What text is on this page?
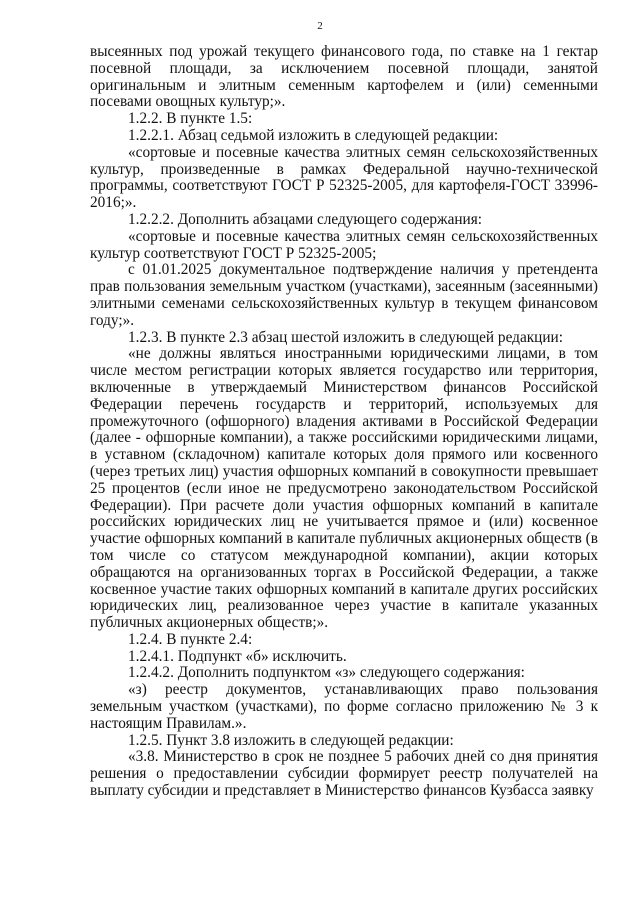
2

высеянных под урожай текущего финансового года, по ставке на 1 гектар посевной площади, за исключением посевной площади, занятой оригинальным и элитным семенным картофелем и (или) семенными посевами овощных культур;».

1.2.2. В пункте 1.5:

1.2.2.1. Абзац седьмой изложить в следующей редакции:

«сортовые и посевные качества элитных семян сельскохозяйственных культур, произведенные в рамках Федеральной научно-технической программы, соответствуют ГОСТ Р 52325-2005, для картофеля-ГОСТ 33996-2016;».

1.2.2.2. Дополнить абзацами следующего содержания:

«сортовые и посевные качества элитных семян сельскохозяйственных культур соответствуют ГОСТ Р 52325-2005;

с 01.01.2025 документальное подтверждение наличия у претендента прав пользования земельным участком (участками), засеянным (засеянными) элитными семенами сельскохозяйственных культур в текущем финансовом году;».

1.2.3. В пункте 2.3 абзац шестой изложить в следующей редакции:

«не должны являться иностранными юридическими лицами, в том числе местом регистрации которых является государство или территория, включенные в утверждаемый Министерством финансов Российской Федерации перечень государств и территорий, используемых для промежуточного (офшорного) владения активами в Российской Федерации (далее - офшорные компании), а также российскими юридическими лицами, в уставном (складочном) капитале которых доля прямого или косвенного (через третьих лиц) участия офшорных компаний в совокупности превышает 25 процентов (если иное не предусмотрено законодательством Российской Федерации). При расчете доли участия офшорных компаний в капитале российских юридических лиц не учитывается прямое и (или) косвенное участие офшорных компаний в капитале публичных акционерных обществ (в том числе со статусом международной компании), акции которых обращаются на организованных торгах в Российской Федерации, а также косвенное участие таких офшорных компаний в капитале других российских юридических лиц, реализованное через участие в капитале указанных публичных акционерных обществ;».

1.2.4. В пункте 2.4:

1.2.4.1. Подпункт «б» исключить.

1.2.4.2. Дополнить подпунктом «з» следующего содержания:

«з) реестр документов, устанавливающих право пользования земельным участком (участками), по форме согласно приложению № 3 к настоящим Правилам.».

1.2.5. Пункт 3.8 изложить в следующей редакции:

«3.8. Министерство в срок не позднее 5 рабочих дней со дня принятия решения о предоставлении субсидии формирует реестр получателей на выплату субсидии и представляет в Министерство финансов Кузбасса заявку
